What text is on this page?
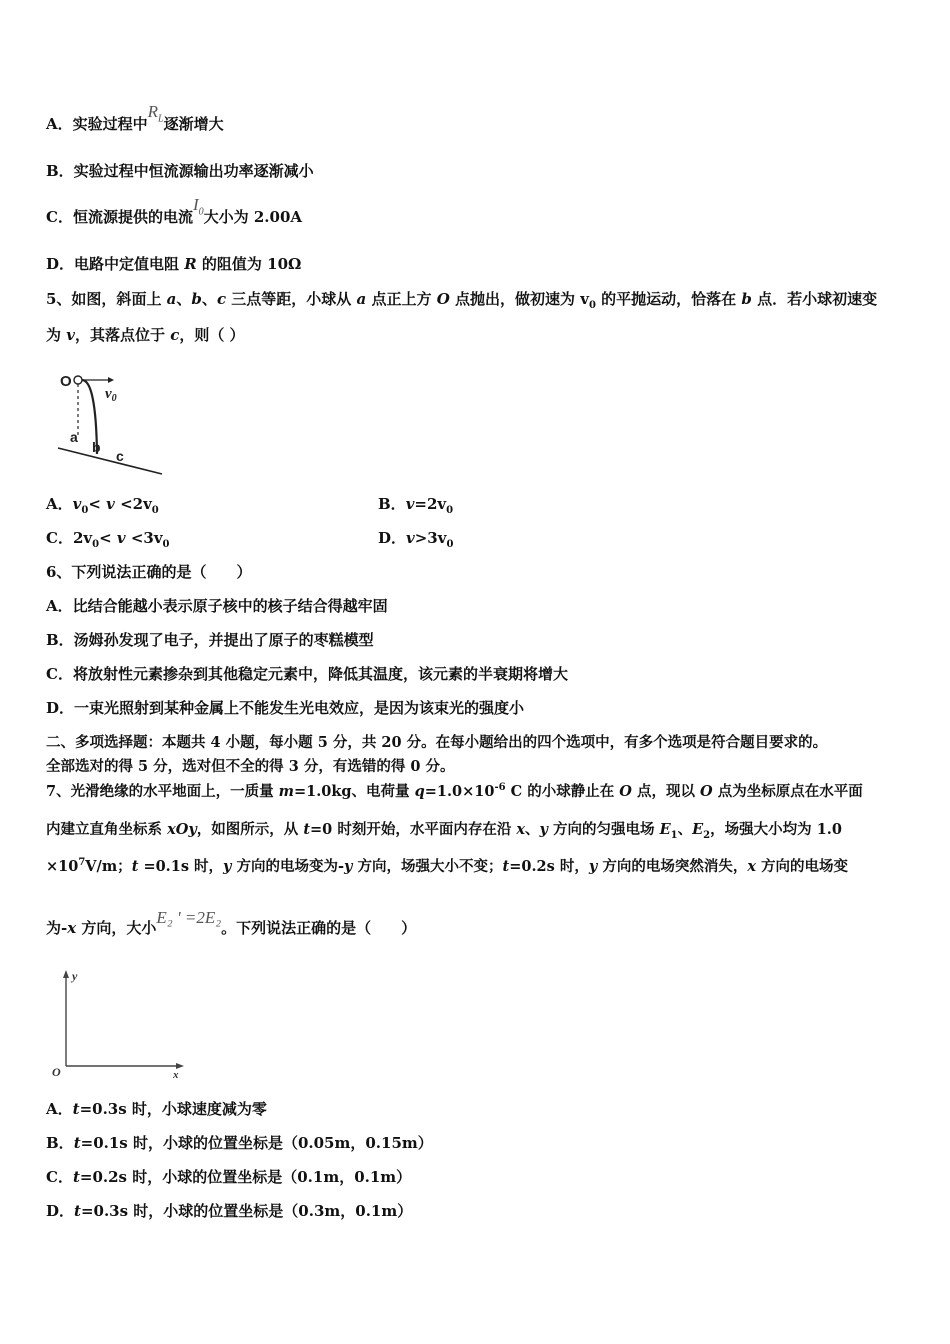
A．实验过程中$R_L$逐渐增大
B．实验过程中恒流源输出功率逐渐减小
C．恒流源提供的电流$I_0$大小为 2.00A
D．电路中定值电阻 R 的阻值为 10Ω
5、如图，斜面上 a、b、c 三点等距，小球从 a 点正上方 O 点抛出，做初速为 $v_0$ 的平抛运动，恰落在 b 点．若小球初速变
为 v，其落点位于 c，则（ ）
O
$v_0$
a
b
c
A．$v_0< v <2v_0$	B．$v=2v_0$
C．$2v_0< v <3v_0$	D．$v>3v_0$
6、下列说法正确的是（　　）
A．比结合能越小表示原子核中的核子结合得越牢固
B．汤姆孙发现了电子，并提出了原子的枣糕模型
C．将放射性元素掺杂到其他稳定元素中，降低其温度，该元素的半衰期将增大
D．一束光照射到某种金属上不能发生光电效应，是因为该束光的强度小
二、多项选择题：本题共 4 小题，每小题 5 分，共 20 分。在每小题给出的四个选项中，有多个选项是符合题目要求的。
全部选对的得 5 分，选对但不全的得 3 分，有选错的得 0 分。
7、光滑绝缘的水平地面上，一质量 m=1.0kg、电荷量 $q=1.0\times 10^{-6}$ C 的小球静止在 O 点，现以 O 点为坐标原点在水平面
内建立直角坐标系 xOy，如图所示，从 t=0 时刻开始，水平面内存在沿 x、y 方向的匀强电场 $E_1$、$E_2$，场强大小均为 1.0
$\times 10^7V/m$；t =0.1s 时，y 方向的电场变为-y 方向，场强大小不变；t=0.2s 时，y 方向的电场突然消失，x 方向的电场变
为-x 方向，大小E₂ ' =2E₂。下列说法正确的是（　　）
y
O	x
A．t=0.3s 时，小球速度减为零
B．t=0.1s 时，小球的位置坐标是（0.05m，0.15m）
C．t=0.2s 时，小球的位置坐标是（0.1m，0.1m）
D．t=0.3s 时，小球的位置坐标是（0.3m，0.1m）
